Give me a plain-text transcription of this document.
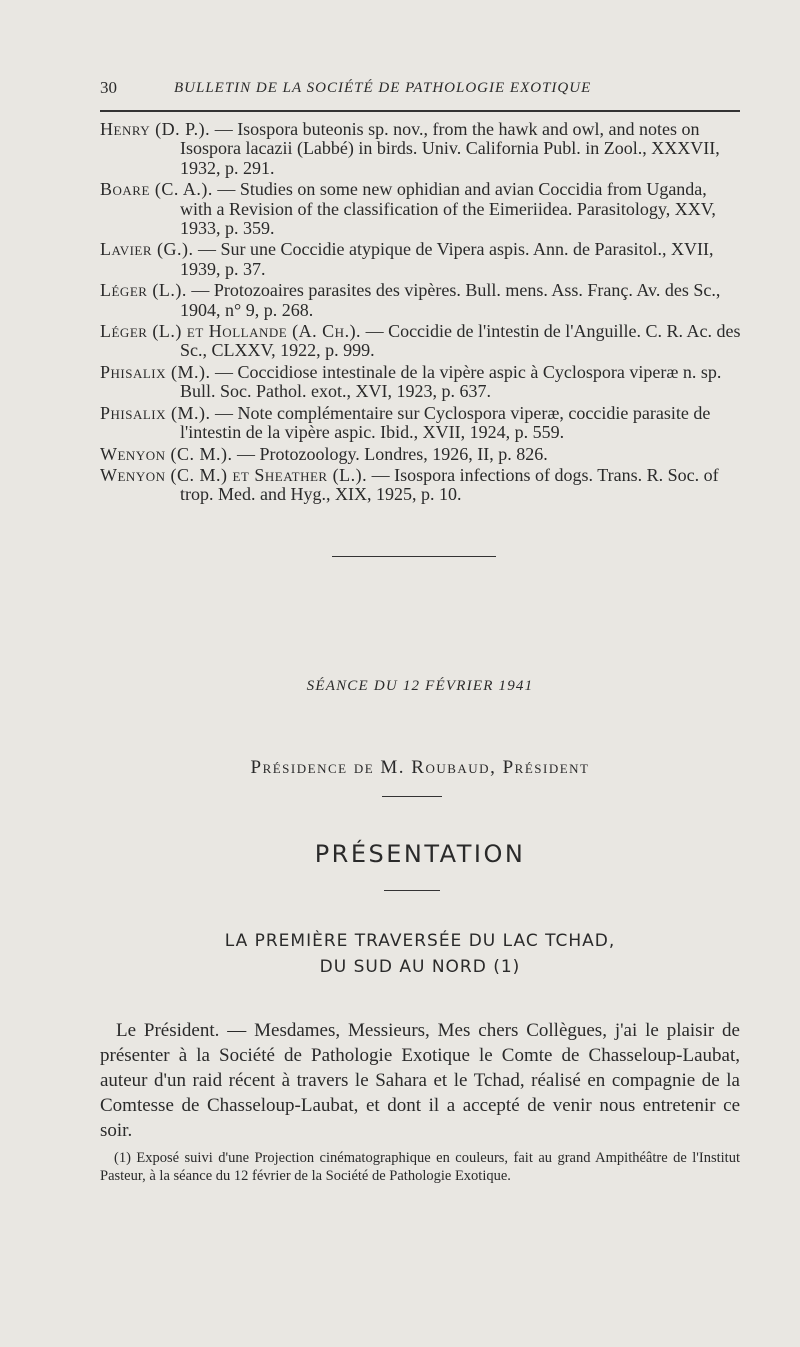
30	BULLETIN DE LA SOCIÉTÉ DE PATHOLOGIE EXOTIQUE

Henry (D. P.). — Isospora buteonis sp. nov., from the hawk and owl, and notes on Isospora lacazii (Labbé) in birds. Univ. California Publ. in Zool., XXXVII, 1932, p. 291.

Boare (C. A.). — Studies on some new ophidian and avian Coccidia from Uganda, with a Revision of the classification of the Eimeriidea. Parasitology, XXV, 1933, p. 359.

Lavier (G.). — Sur une Coccidie atypique de Vipera aspis. Ann. de Parasitol., XVII, 1939, p. 37.

Léger (L.). — Protozoaires parasites des vipères. Bull. mens. Ass. Franç. Av. des Sc., 1904, n° 9, p. 268.

Léger (L.) et Hollande (A. Ch.). — Coccidie de l'intestin de l'Anguille. C. R. Ac. des Sc., CLXXV, 1922, p. 999.

Phisalix (M.). — Coccidiose intestinale de la vipère aspic à Cyclospora viperæ n. sp. Bull. Soc. Pathol. exot., XVI, 1923, p. 637.

Phisalix (M.). — Note complémentaire sur Cyclospora viperæ, coccidie parasite de l'intestin de la vipère aspic. Ibid., XVII, 1924, p. 559.

Wenyon (C. M.). — Protozoology. Londres, 1926, II, p. 826.

Wenyon (C. M.) et Sheather (L.). — Isospora infections of dogs. Trans. R. Soc. of trop. Med. and Hyg., XIX, 1925, p. 10.

SÉANCE DU 12 FÉVRIER 1941
Présidence de M. Roubaud, Président
PRÉSENTATION
LA PREMIÈRE TRAVERSÉE DU LAC TCHAD,
DU SUD AU NORD (1)
Le Président. — Mesdames, Messieurs, Mes chers Collègues, j'ai le plaisir de présenter à la Société de Pathologie Exotique le Comte de Chasseloup-Laubat, auteur d'un raid récent à travers le Sahara et le Tchad, réalisé en compagnie de la Comtesse de Chasseloup-Laubat, et dont il a accepté de venir nous entretenir ce soir.
(1) Exposé suivi d'une Projection cinématographique en couleurs, fait au grand Ampithéâtre de l'Institut Pasteur, à la séance du 12 février de la Société de Pathologie Exotique.
